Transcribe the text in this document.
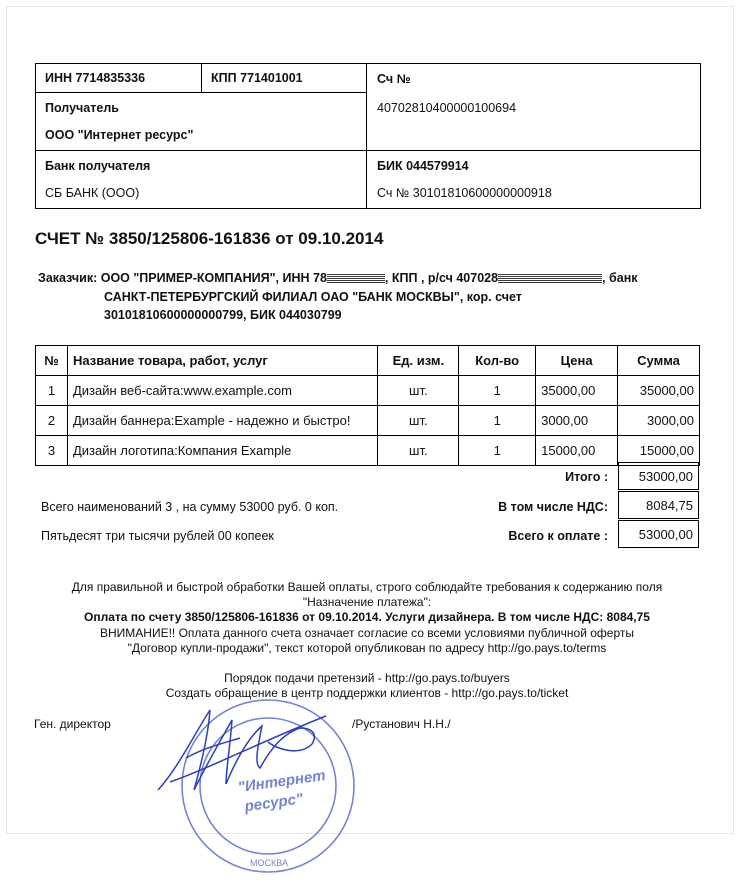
ИНН 7714835336	КПП 771401001	Сч №
40702810400000100694
Получатель
ООО "Интернет ресурс"
Банк получателя
СБ БАНК (ООО)
БИК 044579914
Сч № 30101810600000000918
СЧЕТ № 3850/125806-161836 от 09.10.2014
Заказчик: ООО "ПРИМЕР-КОМПАНИЯ", ИНН 78	, КПП , р/сч 407028	, банк
САНКТ-ПЕТЕРБУРГСКИЙ ФИЛИАЛ ОАО "БАНК МОСКВЫ", кор. счет
30101810600000000799, БИК 044030799
№	Название товара, работ, услуг	Ед. изм.	Кол-во	Цена	Сумма
1	Дизайн веб-сайта:www.example.com	шт.	1	35000,00	35000,00
2	Дизайн баннера:Example - надежно и быстро!	шт.	1	3000,00	3000,00
3	Дизайн логотипа:Компания Example	шт.	1	15000,00	15000,00
Итого :	53000,00
В том числе НДС:	8084,75
Всего к оплате :	53000,00
Всего наименований 3 , на сумму 53000 руб. 0 коп.
Пятьдесят три тысячи рублей 00 копеек
Для правильной и быстрой обработки Вашей оплаты, строго соблюдайте требования к содержанию поля
"Назначение платежа":
Оплата по счету 3850/125806-161836 от 09.10.2014. Услуги дизайнера. В том числе НДС: 8084,75
ВНИМАНИЕ!! Оплата данного счета означает согласие со всеми условиями публичной оферты
"Договор купли-продажи", текст которой опубликован по адресу http://go.pays.to/terms
Порядок подачи претензий - http://go.pays.to/buyers
Создать обращение в центр поддержки клиентов - http://go.pays.to/ticket
Ген. директор	/Рустанович Н.Н./
"Интернет
ресурс"
МОСКВА
